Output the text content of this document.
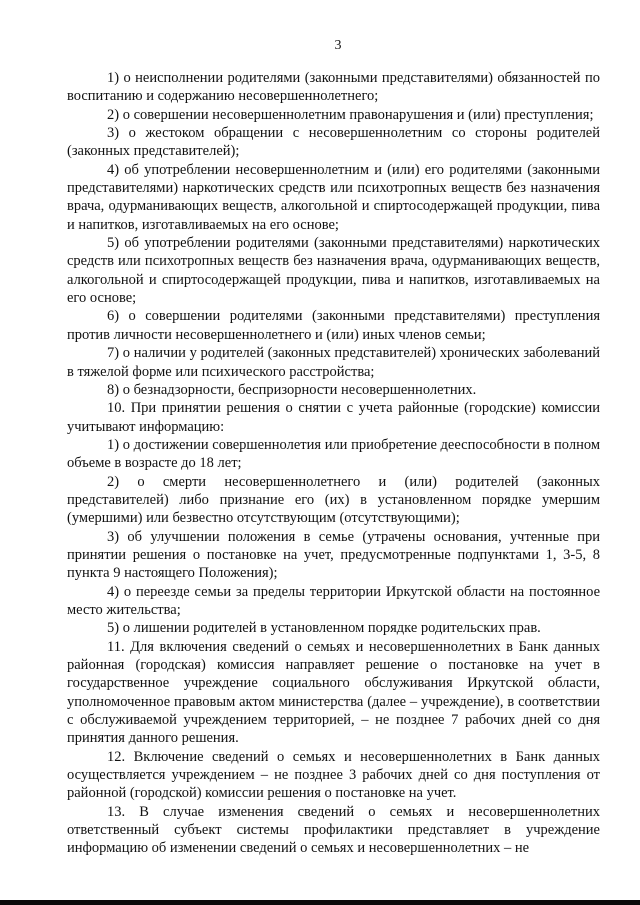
3

1) о неисполнении родителями (законными представителями) обязанностей по воспитанию и содержанию несовершеннолетнего;

2) о совершении несовершеннолетним правонарушения и (или) преступления;

3) о жестоком обращении с несовершеннолетним со стороны родителей (законных представителей);

4) об употреблении несовершеннолетним и (или) его родителями (законными представителями) наркотических средств или психотропных веществ без назначения врача, одурманивающих веществ, алкогольной и спиртосодержащей продукции, пива и напитков, изготавливаемых на его основе;

5) об употреблении родителями (законными представителями) наркотических средств или психотропных веществ без назначения врача, одурманивающих веществ, алкогольной и спиртосодержащей продукции, пива и напитков, изготавливаемых на его основе;

6) о совершении родителями (законными представителями) преступления против личности несовершеннолетнего и (или) иных членов семьи;

7) о наличии у родителей (законных представителей) хронических заболеваний в тяжелой форме или психического расстройства;

8) о безнадзорности, беспризорности несовершеннолетних.

10. При принятии решения о снятии с учета районные (городские) комиссии учитывают информацию:

1) о достижении совершеннолетия или приобретение дееспособности в полном объеме в возрасте до 18 лет;

2) о смерти несовершеннолетнего и (или) родителей (законных представителей) либо признание его (их) в установленном порядке умершим (умершими) или безвестно отсутствующим (отсутствующими);

3) об улучшении положения в семье (утрачены основания, учтенные при принятии решения о постановке на учет, предусмотренные подпунктами 1, 3-5, 8 пункта 9 настоящего Положения);

4) о переезде семьи за пределы территории Иркутской области на постоянное место жительства;

5) о лишении родителей в установленном порядке родительских прав.

11. Для включения сведений о семьях и несовершеннолетних в Банк данных районная (городская) комиссия направляет решение о постановке на учет в государственное учреждение социального обслуживания Иркутской области, уполномоченное правовым актом министерства (далее – учреждение), в соответствии с обслуживаемой учреждением территорией, – не позднее 7 рабочих дней со дня принятия данного решения.

12. Включение сведений о семьях и несовершеннолетних в Банк данных осуществляется учреждением – не позднее 3 рабочих дней со дня поступления от районной (городской) комиссии решения о постановке на учет.

13. В случае изменения сведений о семьях и несовершеннолетних ответственный субъект системы профилактики представляет в учреждение информацию об изменении сведений о семьях и несовершеннолетних – не
